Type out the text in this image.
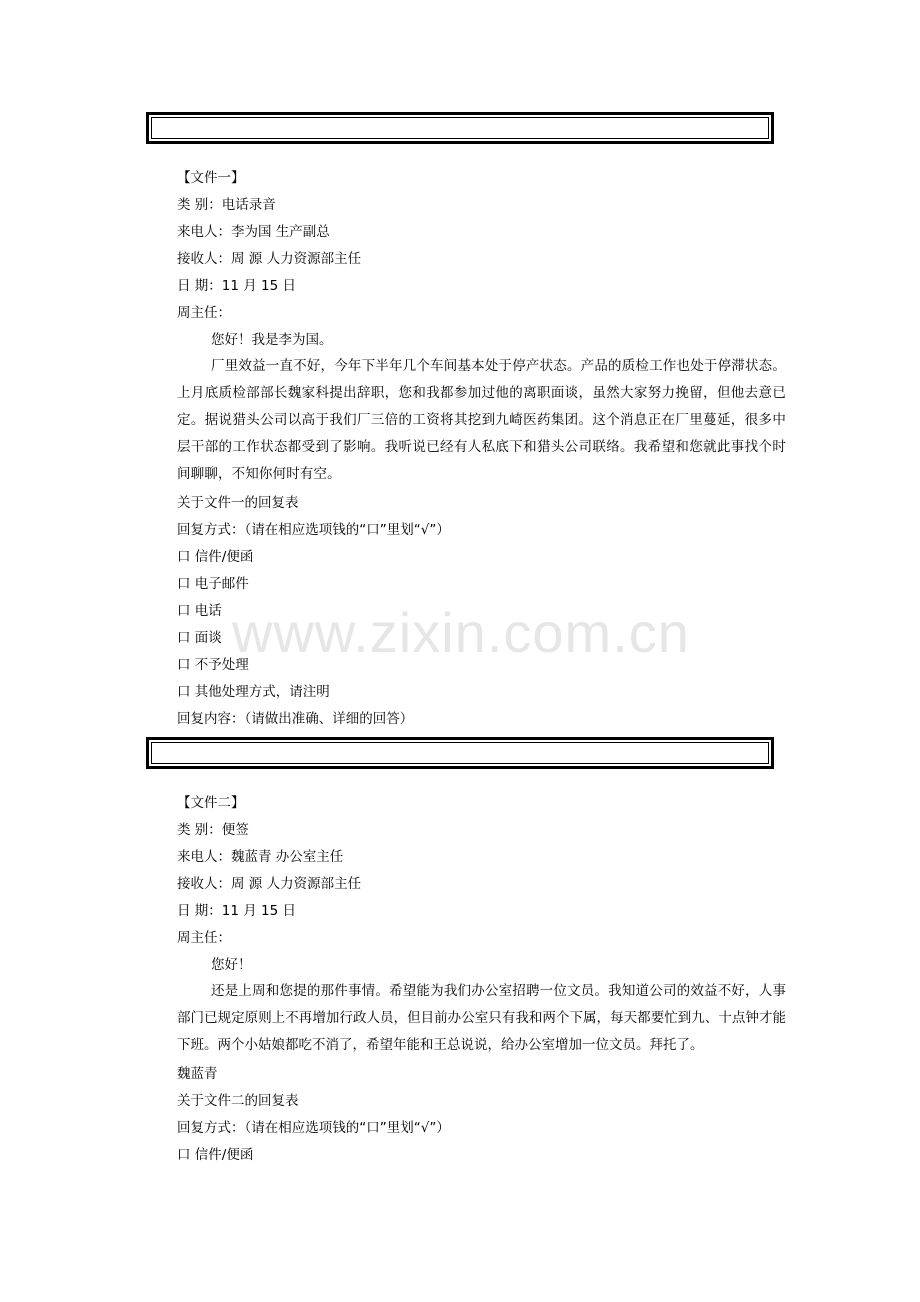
【文件一】
类 别：电话录音
来电人：李为国 生产副总
接收人：周 源 人力资源部主任
日 期：11 月 15 日
周主任：
您好！我是李为国。
厂里效益一直不好，今年下半年几个车间基本处于停产状态。产品的质检工作也处于停滞状态。上月底质检部部长魏家科提出辞职，您和我都参加过他的离职面谈，虽然大家努力挽留，但他去意已定。据说猎头公司以高于我们厂三倍的工资将其挖到九崎医药集团。这个消息正在厂里蔓延，很多中层干部的工作状态都受到了影响。我听说已经有人私底下和猎头公司联络。我希望和您就此事找个时间聊聊，不知你何时有空。
关于文件一的回复表
回复方式：（请在相应选项钱的“口”里划“√”）
口 信件/便函
口 电子邮件
口 电话
口 面谈
口 不予处理
口 其他处理方式，请注明
回复内容：（请做出准确、详细的回答）
【文件二】
类 别：便签
来电人：魏蓝青 办公室主任
接收人：周 源 人力资源部主任
日 期：11 月 15 日
周主任：
您好！
还是上周和您提的那件事情。希望能为我们办公室招聘一位文员。我知道公司的效益不好，人事部门已规定原则上不再增加行政人员，但目前办公室只有我和两个下属，每天都要忙到九、十点钟才能下班。两个小姑娘都吃不消了，希望年能和王总说说，给办公室增加一位文员。拜托了。
魏蓝青
关于文件二的回复表
回复方式：（请在相应选项钱的“口”里划“√”）
口 信件/便函
www.zixin.com.cn
